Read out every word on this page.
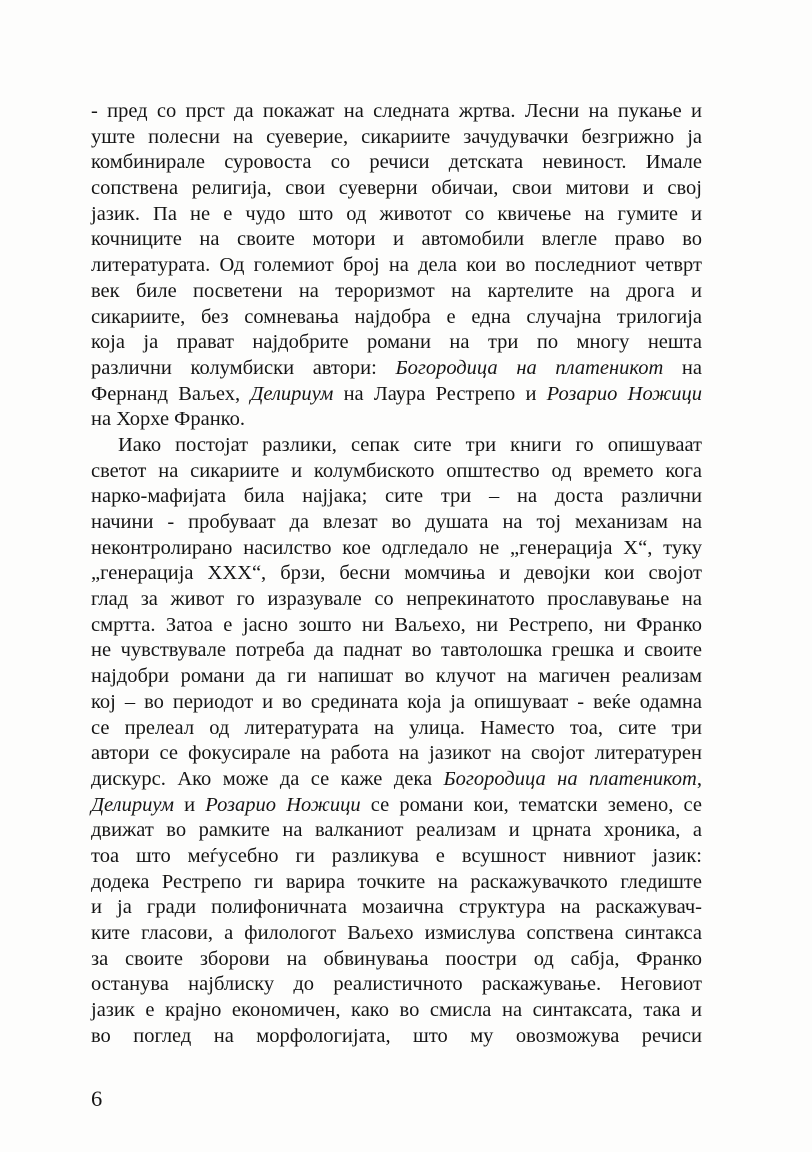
- пред со прст да покажат на следната жртва. Лесни на пукање и
уште полесни на суеверие, сикариите зачудувачки безгрижно ја
комбинирале суровоста со речиси детската невиност. Имале
сопствена религија, свои суеверни обичаи, свои митови и свој
јазик. Па не е чудо што од животот со квичење на гумите и
кочниците на своите мотори и автомобили влегле право во
литературата. Од големиот број на дела кои во последниот четврт
век биле посветени на тероризмот на картелите на дрога и
сикариите, без сомневања најдобра е една случајна трилогија
која ја прават најдобрите романи на три по многу нешта
различни колумбиски автори: Богородица на платеникот на
Фернанд Ваљех, Делириум на Лаура Рестрепо и Розарио Ножици
на Хорхе Франко.
Иако постојат разлики, сепак сите три книги го опишуваат
светот на сикариите и колумбиското општество од времето кога
нарко-мафијата била најјака; сите три – на доста различни
начини - пробуваат да влезат во душата на тој механизам на
неконтролирано насилство кое одгледало не „генерација X“, туку
„генерација XXX“, брзи, бесни момчиња и девојки кои својот
глад за живот го изразувале со непрекинатото прославување на
смртта. Затоа е јасно зошто ни Ваљехо, ни Рестрепо, ни Франко
не чувствувале потреба да паднат во тавтолошка грешка и своите
најдобри романи да ги напишат во клучот на магичен реализам
кој – во периодот и во средината која ја опишуваат - веќе одамна
се прелеал од литературата на улица. Наместо тоа, сите три
автори се фокусирале на работа на јазикот на својот литературен
дискурс. Ако може да се каже дека Богородица на платеникот,
Делириум и Розарио Ножици се романи кои, тематски земено, се
движат во рамките на валканиот реализам и црната хроника, а
тоа што меѓусебно ги разликува е всушност нивниот јазик:
додека Рестрепо ги варира точките на раскажувачкото гледиште
и ја гради полифоничната мозаична структура на раскажувач-
ките гласови, а филологот Ваљехо измислува сопствена синтакса
за своите зборови на обвинувања поостри од сабја, Франко
останува најблиску до реалистичното раскажување. Неговиот
јазик е крајно економичен, како во смисла на синтаксата, така и
во поглед на морфологијата, што му овозможува речиси
6
